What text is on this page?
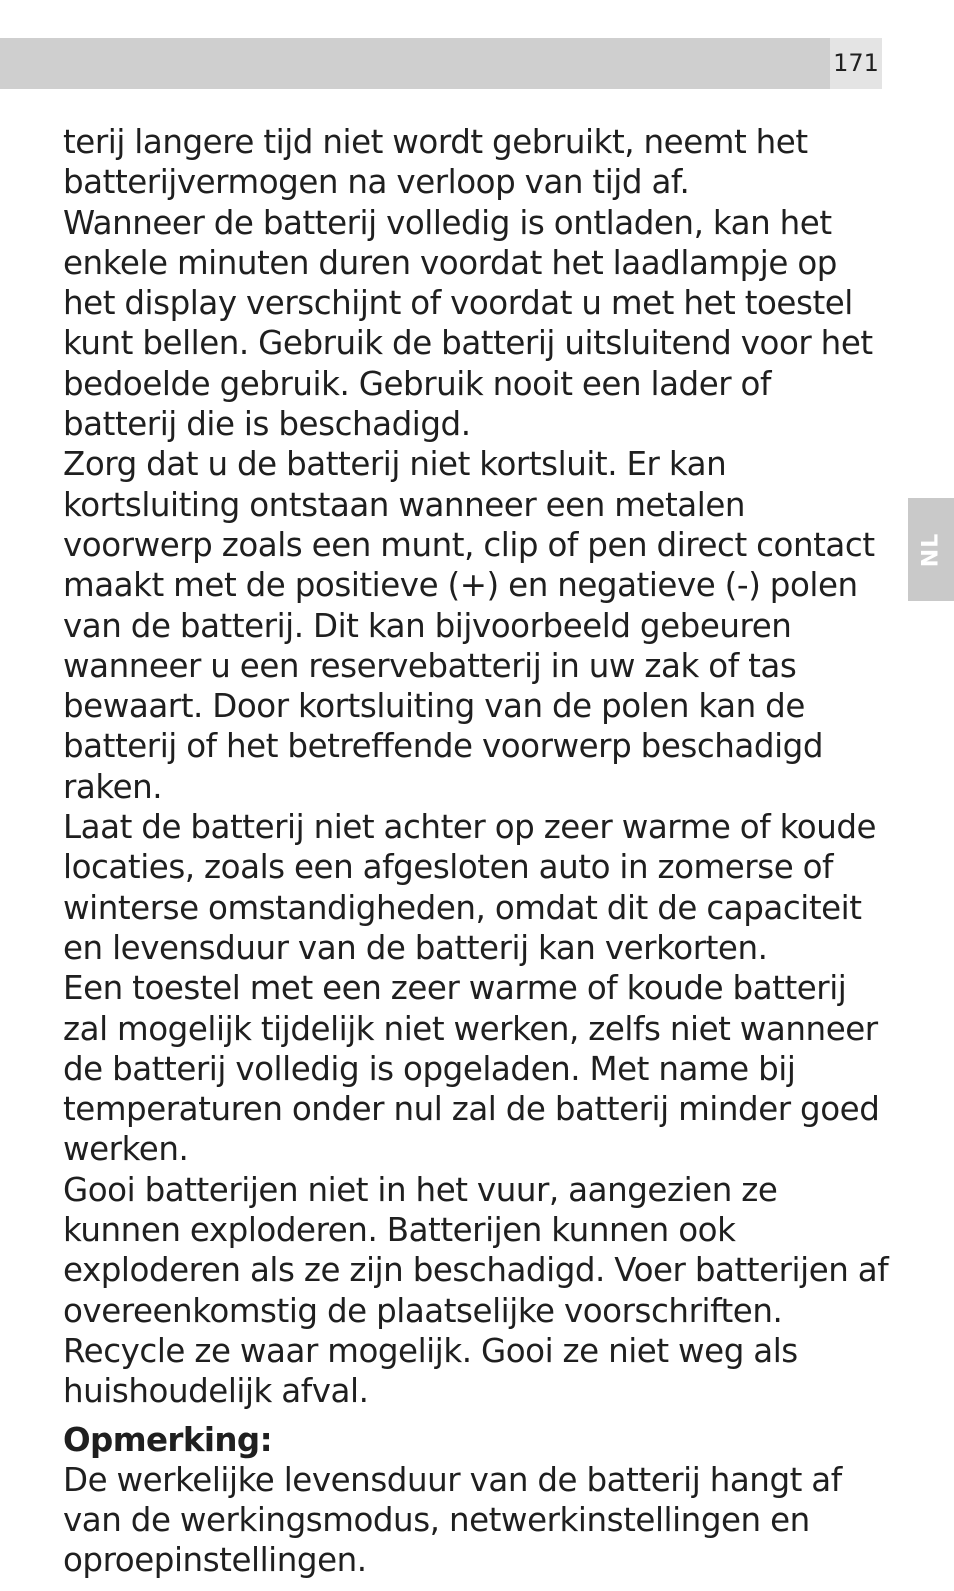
171
NL

terij langere tijd niet wordt gebruikt, neemt het batterijvermogen na verloop van tijd af.

Wanneer de batterij volledig is ontladen, kan het enkele minuten duren voordat het laadlampje op het display verschijnt of voordat u met het toestel kunt bellen. Gebruik de batterij uitsluitend voor het bedoelde gebruik. Gebruik nooit een lader of batterij die is beschadigd.

Zorg dat u de batterij niet kortsluit. Er kan kortsluiting ontstaan wanneer een metalen voorwerp zoals een munt, clip of pen direct contact maakt met de positieve (+) en negatieve (-) polen van de batterij. Dit kan bijvoorbeeld gebeuren wanneer u een reservebatterij in uw zak of tas bewaart. Door kortsluiting van de polen kan de batterij of het betreffende voorwerp beschadigd raken.

Laat de batterij niet achter op zeer warme of koude locaties, zoals een afgesloten auto in zomerse of winterse omstandigheden, omdat dit de capaciteit en levensduur van de batterij kan verkorten.

Een toestel met een zeer warme of koude batterij zal mogelijk tijdelijk niet werken, zelfs niet wanneer de batterij volledig is opgeladen. Met name bij temperaturen onder nul zal de batterij minder goed werken.

Gooi batterijen niet in het vuur, aangezien ze kunnen exploderen. Batterijen kunnen ook exploderen als ze zijn beschadigd. Voer batterijen af overeenkomstig de plaatselijke voorschriften. Recycle ze waar mogelijk. Gooi ze niet weg als huishoudelijk afval.

Opmerking:

De werkelijke levensduur van de batterij hangt af van de werkingsmodus, netwerkinstellingen en oproepinstellingen.
